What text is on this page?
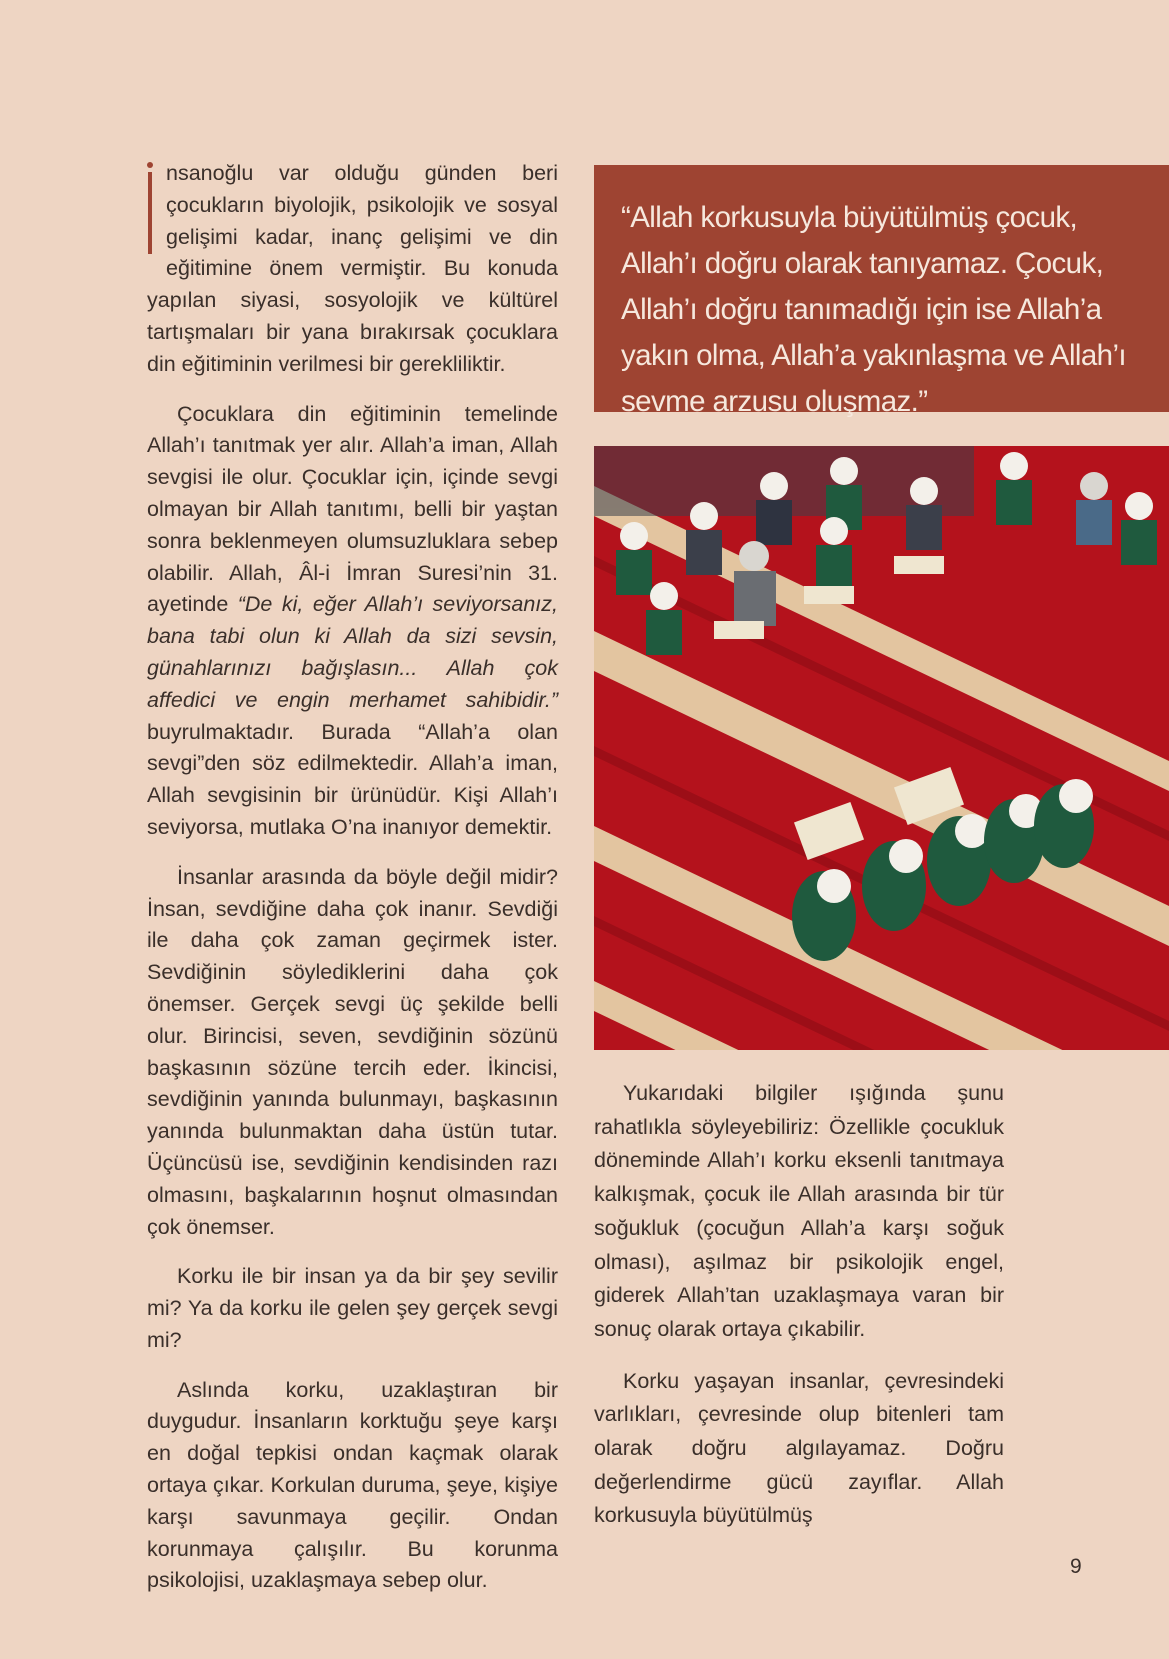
nsanoğlu var olduğu günden beri çocukların biyolojik, psikolojik ve sosyal gelişimi kadar, inanç gelişimi ve din eğitimine önem vermiştir. Bu konuda yapılan siyasi, sosyolojik ve kültürel tartışmaları bir yana bırakırsak çocuklara din eğitiminin verilmesi bir gerekliliktir.

Çocuklara din eğitiminin temelinde Allah’ı tanıtmak yer alır. Allah’a iman, Allah sevgisi ile olur. Çocuklar için, içinde sevgi olmayan bir Allah tanıtımı, belli bir yaştan sonra beklenmeyen olumsuzluklara sebep olabilir. Allah, Âl-i İmran Suresi’nin 31. ayetinde “De ki, eğer Allah’ı seviyorsanız, bana tabi olun ki Allah da sizi sevsin, günahlarınızı bağışlasın... Allah çok affedici ve engin merhamet sahibidir.” buyrulmaktadır. Burada “Allah’a olan sevgi”den söz edilmektedir. Allah’a iman, Allah sevgisinin bir ürünüdür. Kişi Allah’ı seviyorsa, mutlaka O’na inanıyor demektir.

İnsanlar arasında da böyle değil midir? İnsan, sevdiğine daha çok inanır. Sevdiği ile daha çok zaman geçirmek ister. Sevdiğinin söylediklerini daha çok önemser. Gerçek sevgi üç şekilde belli olur. Birincisi, seven, sevdiğinin sözünü başkasının sözüne tercih eder. İkincisi, sevdiğinin yanında bulunmayı, başkasının yanında bulunmaktan daha üstün tutar. Üçüncüsü ise, sevdiğinin kendisinden razı olmasını, başkalarının hoşnut olmasından çok önemser.

Korku ile bir insan ya da bir şey sevilir mi? Ya da korku ile gelen şey gerçek sevgi mi?

Aslında korku, uzaklaştıran bir duygudur. İnsanların korktuğu şeye karşı en doğal tepkisi ondan kaçmak olarak ortaya çıkar. Korkulan duruma, şeye, kişiye karşı savunmaya geçilir. Ondan korunmaya çalışılır. Bu korunma psikolojisi, uzaklaşmaya sebep olur.

“Allah korkusuyla büyütülmüş çocuk, Allah’ı doğru olarak tanıyamaz. Çocuk, Allah’ı doğru tanımadığı için ise Allah’a yakın olma, Allah’a yakınlaşma ve Allah’ı sevme arzusu oluşmaz.”

Yukarıdaki bilgiler ışığında şunu rahatlıkla söyleyebiliriz: Özellikle çocukluk döneminde Allah’ı korku eksenli tanıtmaya kalkışmak, çocuk ile Allah arasında bir tür soğukluk (çocuğun Allah’a karşı soğuk olması), aşılmaz bir psikolojik engel, giderek Allah’tan uzaklaşmaya varan bir sonuç olarak ortaya çıkabilir.

Korku yaşayan insanlar, çevresindeki varlıkları, çevresinde olup bitenleri tam olarak doğru algılayamaz. Doğru değerlendirme gücü zayıflar. Allah korkusuyla büyütülmüş

9
